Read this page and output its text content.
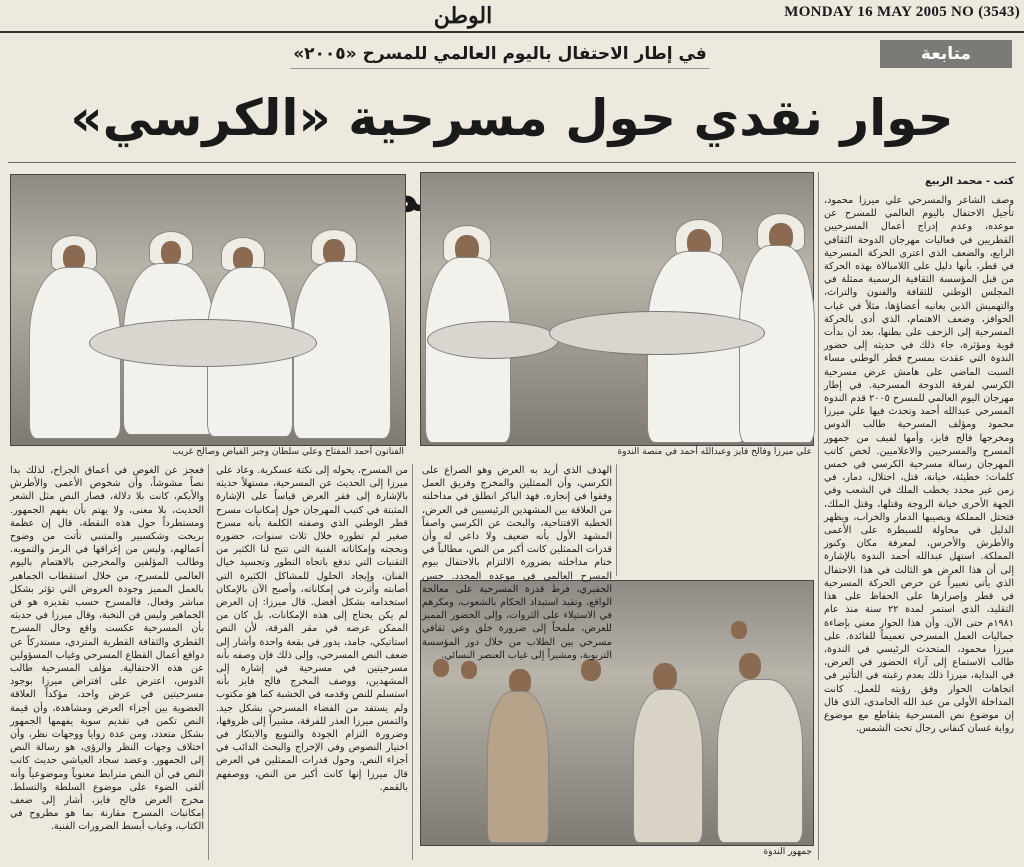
الوطن	MONDAY 16 MAY 2005 NO (3543)
في إطار الاحتفال باليوم العالمي للمسرح «٢٠٠٥»	متابعة
حوار نقدي حول مسرحية «الكرسي»
الفنانون أحمد المفتاح وعلي سلطان وجبر الفياض وصالح غريب	علي ميرزا وفالح فايز وعبدالله أحمد في منصة الندوة
جمهور الندوة
كتب - محمد الربيع
وصف الشاعر والمسرحي علي ميرزا محمود، تأجيل الاحتفال باليوم العالمي للمسرح عن موعده، وعدم إدراج أعمال المسرحيين القطريين في فعاليات مهرجان الدوحة الثقافي الرابع، والضعف الذي اعترى الحركة المسرحية في قطر، بأنها دليل على اللامبالاة بهذه الحركة من قبل المؤسسة الثقافية الرسمية ممثلة في المجلس الوطني للثقافة والفنون والتراث، والتهميش الذين يعانيه أعضاؤها، مثلاً في غياب الحوافز، وضعف الاهتمام، الذي أدى بالحركة المسرحية إلى الزحف على بطنها، بعد أن بدأت قوية ومؤثرة، جاء ذلك في حديثه إلى حضور الندوة التي عقدت بمسرح قطر الوطني مساء السبت الماضي على هامش عرض مسرحية الكرسي لفرقة الدوحة المسرحية. في إطار مهرجان اليوم العالمي للمسرح ٢٠٠٥ قدم الندوة المسرحي عبدالله أحمد وتحدث فيها علي ميرزا محمود ومؤلف المسرحية طالب الدوس ومخرجها فالح فايز، وأمها لفيف من جمهور المسرح والمسرحيين والاعلاميين. لخص كاتب المهرجان رسالة مسرحية الكرسي في خمس كلمات: خطيئة، خيانة، قتل، احتلال، دمار، في زمن غير محدد يخطب الملك في الشعب وفي الجهة الأخرى خيانة الزوجة وقتلها، وقتل الملك، فتحتل المملكة ويصيبها الدمار والخراب، ويظهر الدليل في محاولة للسيطرة على الأعمى والأطرش والأخرس، لمعرفة مكان وكنوز المملكة. استهل عبدالله أحمد الندوة بالإشارة إلى أن هذا العرض هو الثالث في هذا الاحتفال الذي يأتي تعبيراً عن حرص الحركة المسرحية في قطر وإصرارها على الحفاظ على هذا التقليد، الذي استمر لمدة ٢٢ سنة منذ عام ١٩٨١م حتى الآن. وأن هذا الحوار معني بإضاءة جماليات العمل المسرحي تعميماً للفائدة. على ميرزا محمود، المتحدث الرئيسي في الندوة، طالب الاستماع إلى آراء الحضور في العرض، في البداية، ميرزا ذلك بعدم رغبته في التأثير في اتجاهات الحوار وفق رؤيته للعمل. كانت المداخلة الأولى من عبد الله الحامدي، الذي قال إن موضوع نص المسرحية يتقاطع مع موضوع رواية غسان كنفاني رجال تحت الشمس.
الهدف الذي أريد به العرض وهو الصراع على الكرسي، وأن الممثلين والمخرج وفريق العمل وفقوا في إنجازه. فهد الباكر انطلق في مداخلته من العلاقة بين المشهدين الرئيسيين في العرض، الخطبة الافتتاحية، والبحث عن الكرسي واصفاً المشهد الأول بأنه ضعيف ولا داعي له وأن قدرات الممثلين كانت أكبر من النص، مطالباً في ختام مداخلته بضرورة الالتزام بالاحتفال بيوم المسرح العالمي في موعده المحدد. حسن الجفيري، فرط قدرة المسرحية على معالجة الواقع، وتقيد استبداد الحكام بالشعوب، ومكرهم في الاستيلاء على الثروات، وإلى الحضور المميز للعرض، ملمحاً إلى ضرورة خلق وعي ثقافي مسرحي بين الطلاب من خلال دور المؤسسة التربوية، ومشيراً إلى غياب العنصر النسائي.
من المسرح، يحوله إلى نكتة عسكرية. وعاد علي ميرزا إلى الحديث عن المسرحية، مستهلاً حديثه بالإشارة إلى فقر العرض قياساً على الإشارة المثبتة في كتيب المهرجان حول إمكانيات مسرح قطر الوطني الذي وصفته الكلمة بأنه مسرح صغير لم تطوره خلال ثلاث سنوات، حضوره وبحجته وإمكاناته الفنية التي تتيح لنا الكثير من التقنيات التي تدفع باتجاه التطور وتجسيد خيال الفنان، وإيجاد الحلول للمشاكل الكثيرة التي أصابته وأثرت في إمكاناته، وأصبح الآن بالإمكان استخدامه بشكل أفضل. قال ميرزا: إن العرض لم يكن يحتاج إلى هذه الإمكانات، بل كان من الممكن عرضه في مقر الفرقة، لأن النص استاتيكي، جامد، يدور في بقعة واحدة وأشار إلى ضعف النص المسرحي، وإلى ذلك فإن وصفه بأنه مسرحيتين في مسرحية في إشارة إلى المشهدين، ووصف المخرج فالح فايز بأنه استسلم للنص وقدمه في الخشبة كما هو مكتوب ولم يستفد من الفضاء المسرحي بشكل جيد. والتمس ميرزا العذر للفرقة، مشيراً إلى ظروفها، وضرورة التزام الجودة والتنويع والابتكار في اختيار النصوص وفي الإخراج والبحث الدائب في أجزاء النص. وحول قدرات الممثلين في العرض قال ميرزا إنها كانت أكبر من النص، ووصفهم بالقمم.
فعجز عن الغوص في أعماق الجراح، لذلك بدا نصاً مشوشاً، وأن شخوص الأعمى والأطرش والأبكم، كانت بلا دلالة، فصار النص مثل الشعر الحديث، بلا معنى، ولا يهتم بأن يفهم الجمهور. ومستطرداً حول هذه النقطة، قال إن عظمة بريخت وشكسبير والمتنبي تأتت من وضوح أعمالهم، وليس من إغراقها في الرمز والتمويه. وطالب المؤلفين والمخرجين بالاهتمام باليوم العالمي للمسرح، من خلال استقطاب الجماهير بالعمل المميز وجودة العروض التي تؤثر بشكل مباشر وفعال. فالمسرح حسب تقديره هو فن الجماهير وليس فن النخبة، وقال ميرزا في حديثه بأن المسرحية عكست واقع وحال المسرح القطري والثقافة القطرية المتردي، مستدركاً عن دوافع أعمال القطاع المسرحي وغياب المسؤولين عن هذه الاحتفالية. مؤلف المسرحية طالب الدوس، اعترض على افتراض ميرزا بوجود مسرحيتين في عرض واحد، مؤكداً العلاقة العضوية بين أجزاء العرض ومشاهدة، وأن قيمة النص تكمن في تقديم سوية يفهمها الجمهور بشكل متعدد، ومن عدة زوايا ووجهات نظر، وأن اختلاف وجهات النظر والرؤى، هو رسالة النص إلى الجمهور. وعضد سجاد العياشي حديث كاتب النص في أن النص مترابط معنوياً وموضوعياً وأنه ألقى الضوء على موضوع السلطة والتسلط. مخرج العرض فالح فايز، أشار إلى ضعف إمكانيات المسرح مقارنة بما هو مطروح في الكتاب، وغياب أبسط الضرورات الفنية.
